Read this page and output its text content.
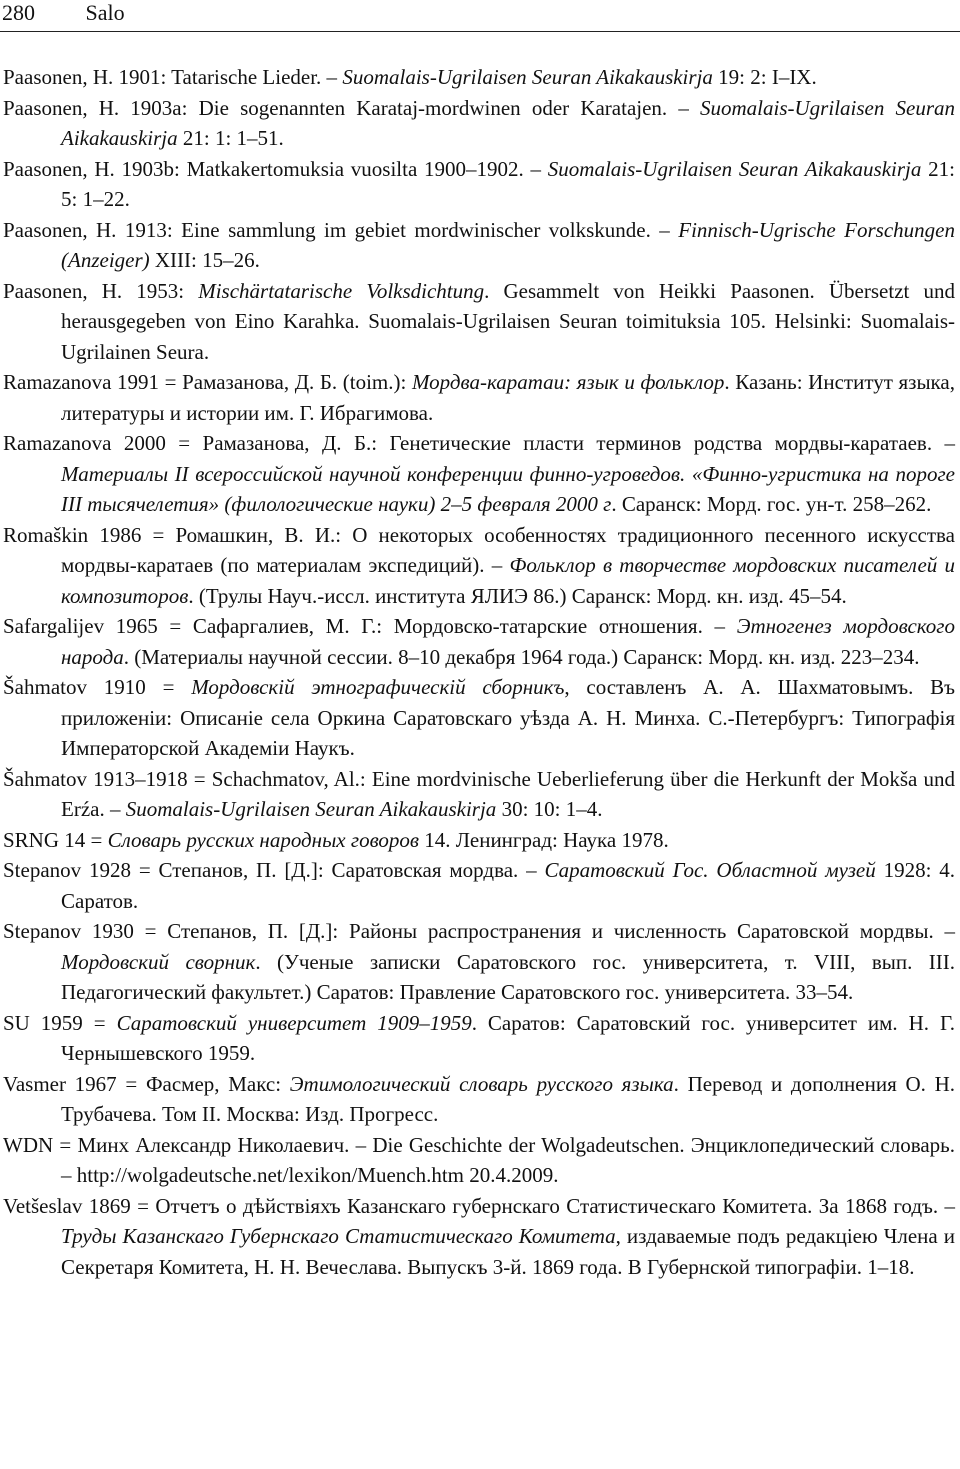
280 Salo
Paasonen, H. 1901: Tatarische Lieder. – Suomalais-Ugrilaisen Seuran Aikakauskirja 19: 2: I–IX.
Paasonen, H. 1903a: Die sogenannten Karataj-mordwinen oder Karatajen. – Suomalais-Ugrilaisen Seuran Aikakauskirja 21: 1: 1–51.
Paasonen, H. 1903b: Matkakertomuksia vuosilta 1900–1902. – Suomalais-Ugrilaisen Seuran Aikakauskirja 21: 5: 1–22.
Paasonen, H. 1913: Eine sammlung im gebiet mordwinischer volkskunde. – Finnisch-Ugrische Forschungen (Anzeiger) XIII: 15–26.
Paasonen, H. 1953: Mischärtatarische Volksdichtung. Gesammelt von Heikki Paasonen. Übersetzt und herausgegeben von Eino Karahka. Suomalais-Ugrilaisen Seuran toimituksia 105. Helsinki: Suomalais-Ugrilainen Seura.
Ramazanova 1991 = Рамазанова, Д. Б. (toim.): Мордва-каратаи: язык и фольклор. Казань: Институт языка, литературы и истории им. Г. Ибрагимова.
Ramazanova 2000 = Рамазанова, Д. Б.: Генетические пласти терминов родства мордвы-каратаев. – Материалы II всероссийской научной конференции финно-угроведов. «Финно-угристика на пороге III тысячелетия» (филологические науки) 2–5 февраля 2000 г. Саранск: Морд. гос. ун-т. 258–262.
Romaškin 1986 = Ромашкин, В. И.: О некоторых особенностях традиционного песенного искусства мордвы-каратаев (по материалам экспедиций). – Фольклор в творчестве мордовских писателей и композиторов. (Трулы Науч.-иссл. института ЯЛИЭ 86.) Саранск: Морд. кн. изд. 45–54.
Safargalijev 1965 = Сафаргалиев, М. Г.: Мордовско-татарские отношения. – Этногенез мордовского народа. (Материалы научной сессии. 8–10 декабря 1964 года.) Саранск: Морд. кн. изд. 223–234.
Šahmatov 1910 = Мордовскiй этнографическiй сборникъ, составленъ А. А. Шахматовымъ. Въ приложенiи: Описанiе села Оркина Саратовскаго уѣзда А. Н. Минха. С.-Петербургъ: Типографiя Императорской Академiи Наукъ.
Šahmatov 1913–1918 = Schachmatov, Al.: Eine mordvinische Ueberlieferung über die Herkunft der Mokša und Erźa. – Suomalais-Ugrilaisen Seuran Aikakauskirja 30: 10: 1–4.
SRNG 14 = Словарь русских народных говоров 14. Ленинград: Наука 1978.
Stepanov 1928 = Степанов, П. [Д.]: Саратовская мордва. – Саратовский Гос. Областной музей 1928: 4. Саратов.
Stepanov 1930 = Степанов, П. [Д.]: Районы распространения и численность Саратовской мордвы. – Мордовский сворник. (Ученые записки Саратовского гос. университета, т. VIII, вып. III. Педагогический факультет.) Саратов: Правление Саратовского гос. университета. 33–54.
SU 1959 = Саратовский университет 1909–1959. Саратов: Саратовский гос. университет им. Н. Г. Чернышевского 1959.
Vasmer 1967 = Фасмер, Макс: Этимологический словарь русского языка. Перевод и дополнения О. Н. Трубачева. Том II. Москва: Изд. Прогресс.
WDN = Минх Александр Николаевич. – Die Geschichte der Wolgadeutschen. Энциклопедический словарь. – http://wolgadeutsche.net/lexikon/Muench.htm 20.4.2009.
Vetšeslav 1869 = Отчетъ о дѣйствiяхъ Казанскаго губернскаго Статистическаго Комитета. За 1868 годъ. – Труды Казанскаго Губернскаго Статистическаго Комитета, издаваемые подъ редакцiею Члена и Секретаря Комитета, Н. Н. Вечеслава. Выпускъ 3-й. 1869 года. В Губернской типографiи. 1–18.
